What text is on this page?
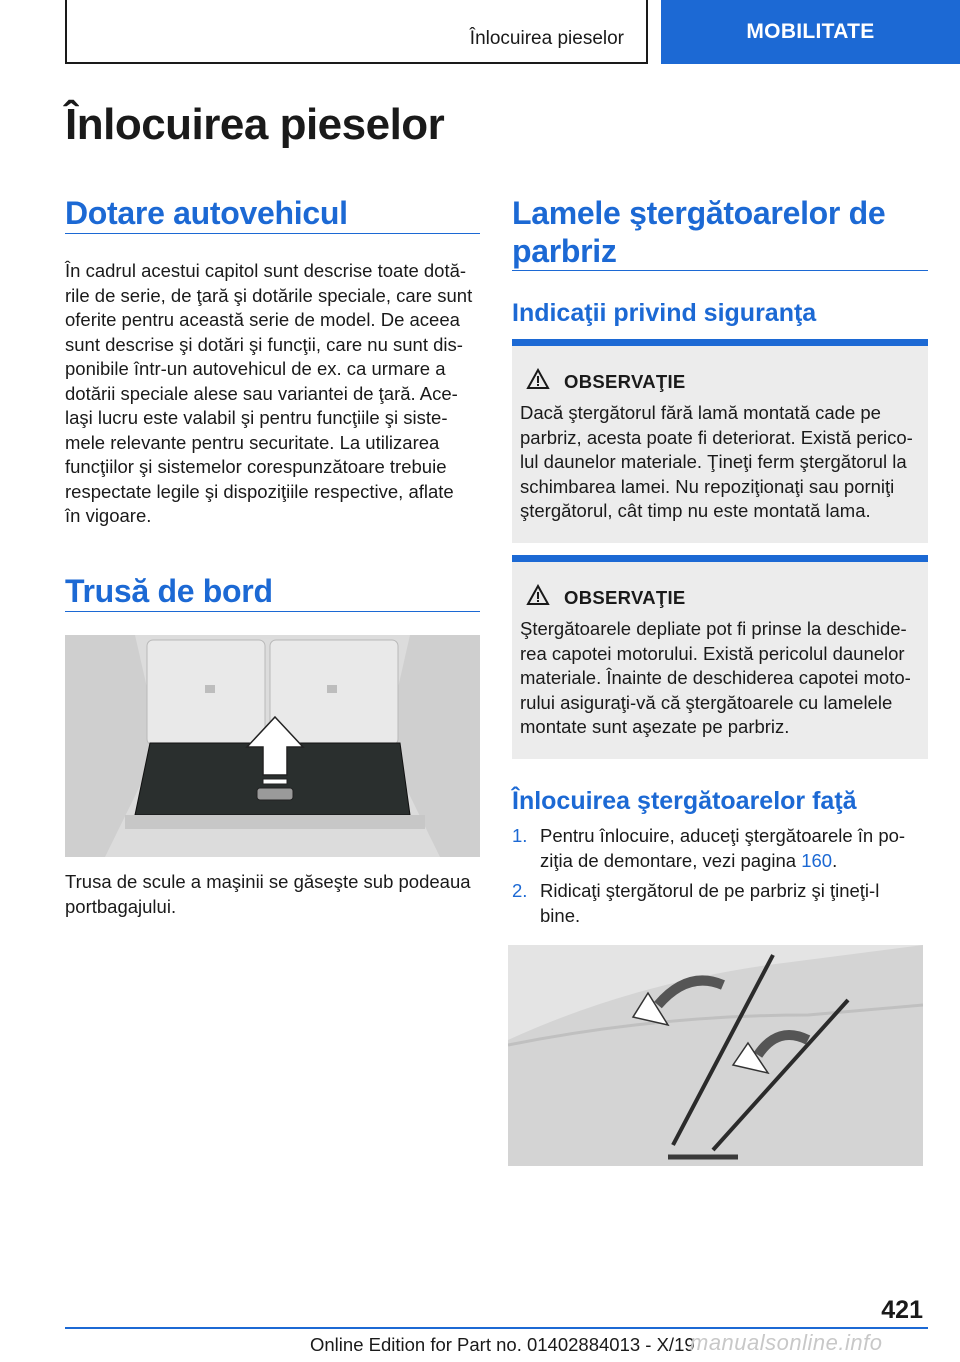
Înlocuirea pieselor	MOBILITATE
Înlocuirea pieselor
Dotare autovehicul
În cadrul acestui capitol sunt descrise toate dotă-
rile de serie, de ţară şi dotările speciale, care sunt
oferite pentru această serie de model. De aceea
sunt descrise şi dotări şi funcţii, care nu sunt dis-
ponibile într-un autovehicul de ex. ca urmare a
dotării speciale alese sau variantei de ţară. Ace-
laşi lucru este valabil şi pentru funcţiile şi siste-
mele relevante pentru securitate. La utilizarea
funcţiilor şi sistemelor corespunzătoare trebuie
respectate legile şi dispoziţiile respective, aflate
în vigoare.
Trusă de bord
Trusa de scule a maşinii se găseşte sub podeaua
portbagajului.
Lamele ştergătoarelor de
parbriz
Indicaţii privind siguranţa
OBSERVAŢIE
Dacă ştergătorul fără lamă montată cade pe
parbriz, acesta poate fi deteriorat. Există perico-
lul daunelor materiale. Ţineţi ferm ştergătorul la
schimbarea lamei. Nu repoziţionaţi sau porniţi
ştergătorul, cât timp nu este montată lama.
OBSERVAŢIE
Ştergătoarele depliate pot fi prinse la deschide-
rea capotei motorului. Există pericolul daunelor
materiale. Înainte de deschiderea capotei moto-
rului asiguraţi-vă că ştergătoarele cu lamelele
montate sunt aşezate pe parbriz.
Înlocuirea ştergătoarelor faţă
1. Pentru înlocuire, aduceţi ştergătoarele în po-
ziţia de demontare, vezi pagina 160.
2. Ridicaţi ştergătorul de pe parbriz şi ţineţi-l
bine.
421
Online Edition for Part no. 01402884013 - X/19
manualsonline.info
